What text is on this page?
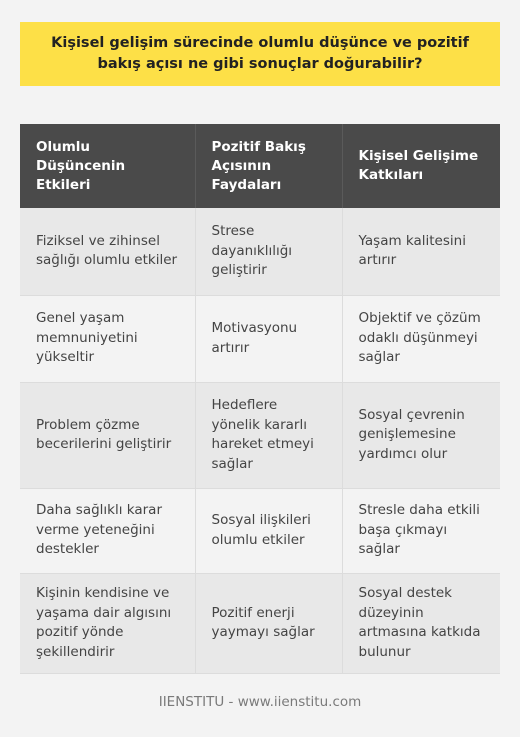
Kişisel gelişim sürecinde olumlu düşünce ve pozitif bakış açısı ne gibi sonuçlar doğurabilir?
Olumlu Düşüncenin Etkileri	Pozitif Bakış Açısının Faydaları	Kişisel Gelişime Katkıları
Fiziksel ve zihinsel sağlığı olumlu etkiler	Strese dayanıklılığı geliştirir	Yaşam kalitesini artırır
Genel yaşam memnuniyetini yükseltir	Motivasyonu artırır	Objektif ve çözüm odaklı düşünmeyi sağlar
Problem çözme becerilerini geliştirir	Hedeflere yönelik kararlı hareket etmeyi sağlar	Sosyal çevrenin genişlemesine yardımcı olur
Daha sağlıklı karar verme yeteneğini destekler	Sosyal ilişkileri olumlu etkiler	Stresle daha etkili başa çıkmayı sağlar
Kişinin kendisine ve yaşama dair algısını pozitif yönde şekillendirir	Pozitif enerji yaymayı sağlar	Sosyal destek düzeyinin artmasına katkıda bulunur
IIENSTITU - www.iienstitu.com
